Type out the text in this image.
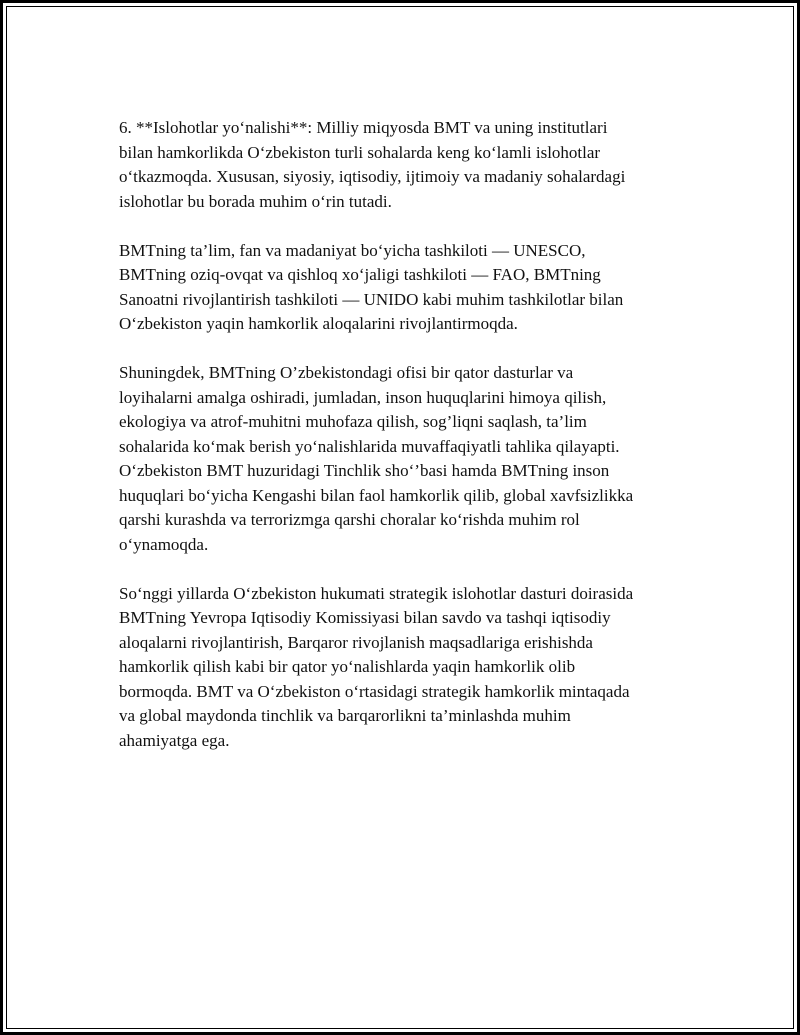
6. **Islohotlar yo‘nalishi**: Milliy miqyosda BMT va uning institutlari
bilan hamkorlikda O‘zbekiston turli sohalarda keng ko‘lamli islohotlar
o‘tkazmoqda. Xususan, siyosiy, iqtisodiy, ijtimoiy va madaniy sohalardagi
islohotlar bu borada muhim o‘rin tutadi.

BMTning ta’lim, fan va madaniyat bo‘yicha tashkiloti — UNESCO,
BMTning oziq-ovqat va qishloq xo‘jaligi tashkiloti — FAO, BMTning
Sanoatni rivojlantirish tashkiloti — UNIDO kabi muhim tashkilotlar bilan
O‘zbekiston yaqin hamkorlik aloqalarini rivojlantirmoqda.

Shuningdek, BMTning O’zbekistondagi ofisi bir qator dasturlar va
loyihalarni amalga oshiradi, jumladan, inson huquqlarini himoya qilish,
ekologiya va atrof-muhitni muhofaza qilish, sog’liqni saqlash, ta’lim
sohalarida ko‘mak berish yo‘nalishlarida muvaffaqiyatli tahlika qilayapti.
O‘zbekiston BMT huzuridagi Tinchlik sho‘’basi hamda BMTning inson
huquqlari bo‘yicha Kengashi bilan faol hamkorlik qilib, global xavfsizlikka
qarshi kurashda va terrorizmga qarshi choralar ko‘rishda muhim rol
o‘ynamoqda.

So‘nggi yillarda O‘zbekiston hukumati strategik islohotlar dasturi doirasida
BMTning Yevropa Iqtisodiy Komissiyasi bilan savdo va tashqi iqtisodiy
aloqalarni rivojlantirish, Barqaror rivojlanish maqsadlariga erishishda
hamkorlik qilish kabi bir qator yo‘nalishlarda yaqin hamkorlik olib
bormoqda. BMT va O‘zbekiston o‘rtasidagi strategik hamkorlik mintaqada
va global maydonda tinchlik va barqarorlikni ta’minlashda muhim
ahamiyatga ega.
